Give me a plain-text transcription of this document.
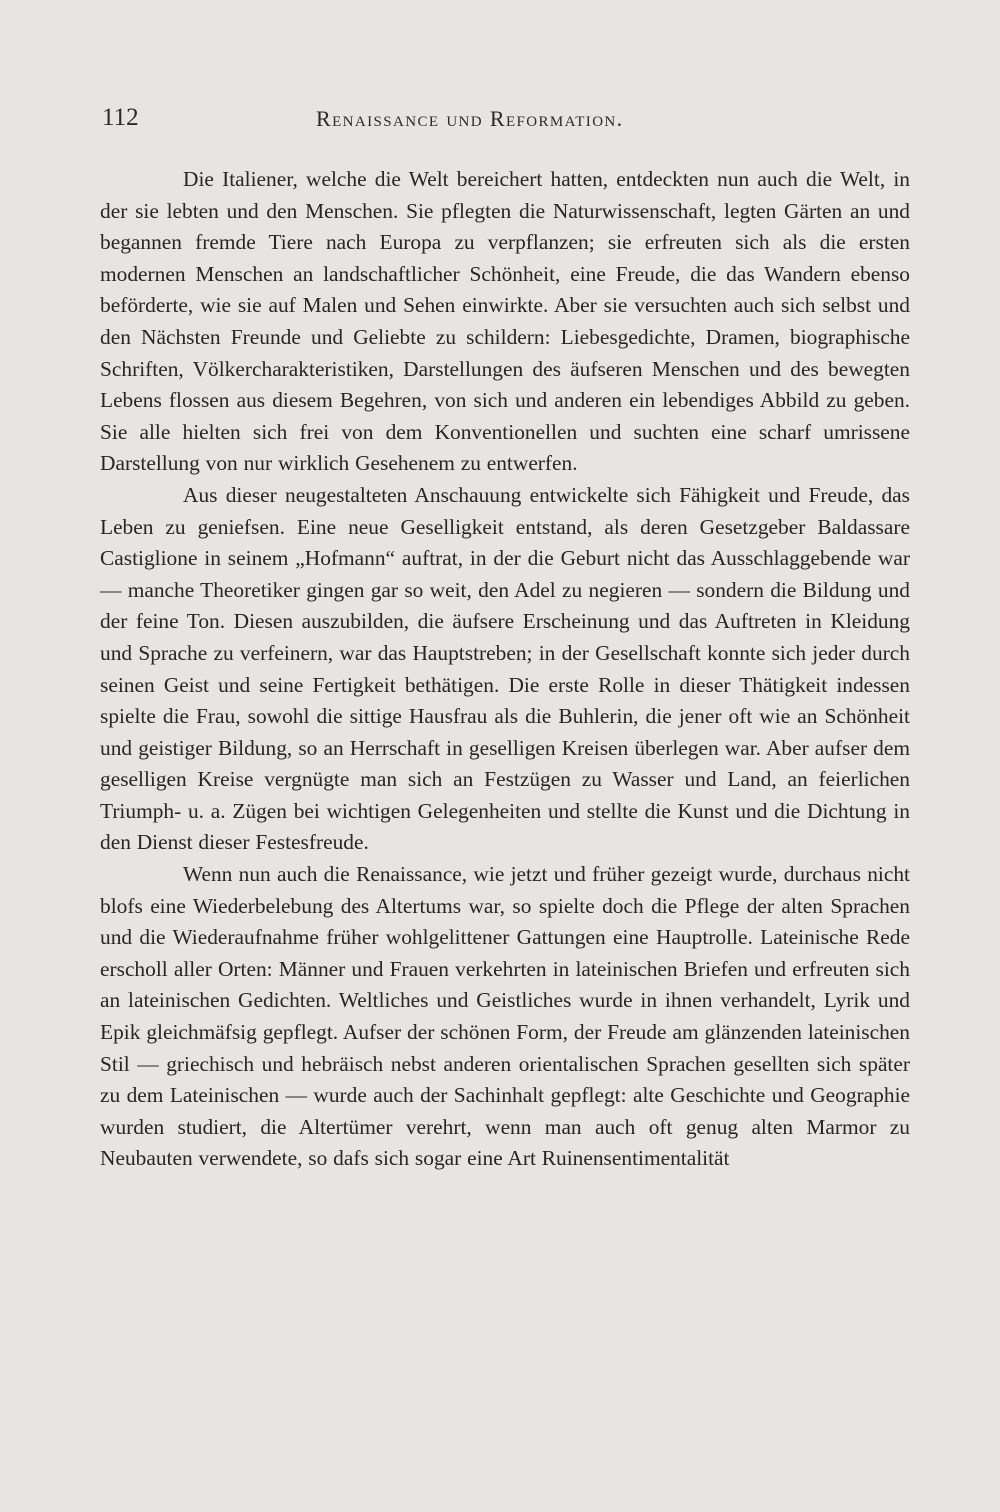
112	Renaissance und Reformation.

Die Italiener, welche die Welt bereichert hatten, entdeckten nun auch die Welt, in der sie lebten und den Menschen. Sie pflegten die Naturwissenschaft, legten Gärten an und begannen fremde Tiere nach Europa zu verpflanzen; sie erfreuten sich als die ersten modernen Menschen an landschaftlicher Schönheit, eine Freude, die das Wandern ebenso beförderte, wie sie auf Malen und Sehen einwirkte. Aber sie versuchten auch sich selbst und den Nächsten Freunde und Geliebte zu schildern: Liebesgedichte, Dramen, biographische Schriften, Völkercharakteristiken, Darstellungen des äufseren Menschen und des bewegten Lebens flossen aus diesem Begehren, von sich und anderen ein lebendiges Abbild zu geben. Sie alle hielten sich frei von dem Konventionellen und suchten eine scharf umrissene Darstellung von nur wirklich Gesehenem zu entwerfen.

Aus dieser neugestalteten Anschauung entwickelte sich Fähigkeit und Freude, das Leben zu geniefsen. Eine neue Geselligkeit entstand, als deren Gesetzgeber Baldassare Castiglione in seinem „Hofmann“ auftrat, in der die Geburt nicht das Ausschlaggebende war — manche Theoretiker gingen gar so weit, den Adel zu negieren — sondern die Bildung und der feine Ton. Diesen auszubilden, die äufsere Erscheinung und das Auftreten in Kleidung und Sprache zu verfeinern, war das Hauptstreben; in der Gesellschaft konnte sich jeder durch seinen Geist und seine Fertigkeit bethätigen. Die erste Rolle in dieser Thätigkeit indessen spielte die Frau, sowohl die sittige Hausfrau als die Buhlerin, die jener oft wie an Schönheit und geistiger Bildung, so an Herrschaft in geselligen Kreisen überlegen war. Aber aufser dem geselligen Kreise vergnügte man sich an Festzügen zu Wasser und Land, an feierlichen Triumph- u. a. Zügen bei wichtigen Gelegenheiten und stellte die Kunst und die Dichtung in den Dienst dieser Festesfreude.

Wenn nun auch die Renaissance, wie jetzt und früher gezeigt wurde, durchaus nicht blofs eine Wiederbelebung des Altertums war, so spielte doch die Pflege der alten Sprachen und die Wiederaufnahme früher wohlgelittener Gattungen eine Hauptrolle. Lateinische Rede erscholl aller Orten: Männer und Frauen verkehrten in lateinischen Briefen und erfreuten sich an lateinischen Gedichten. Weltliches und Geistliches wurde in ihnen verhandelt, Lyrik und Epik gleichmäfsig gepflegt. Aufser der schönen Form, der Freude am glänzenden lateinischen Stil — griechisch und hebräisch nebst anderen orientalischen Sprachen gesellten sich später zu dem Lateinischen — wurde auch der Sachinhalt gepflegt: alte Geschichte und Geographie wurden studiert, die Altertümer verehrt, wenn man auch oft genug alten Marmor zu Neubauten verwendete, so dafs sich sogar eine Art Ruinensentimentalität
